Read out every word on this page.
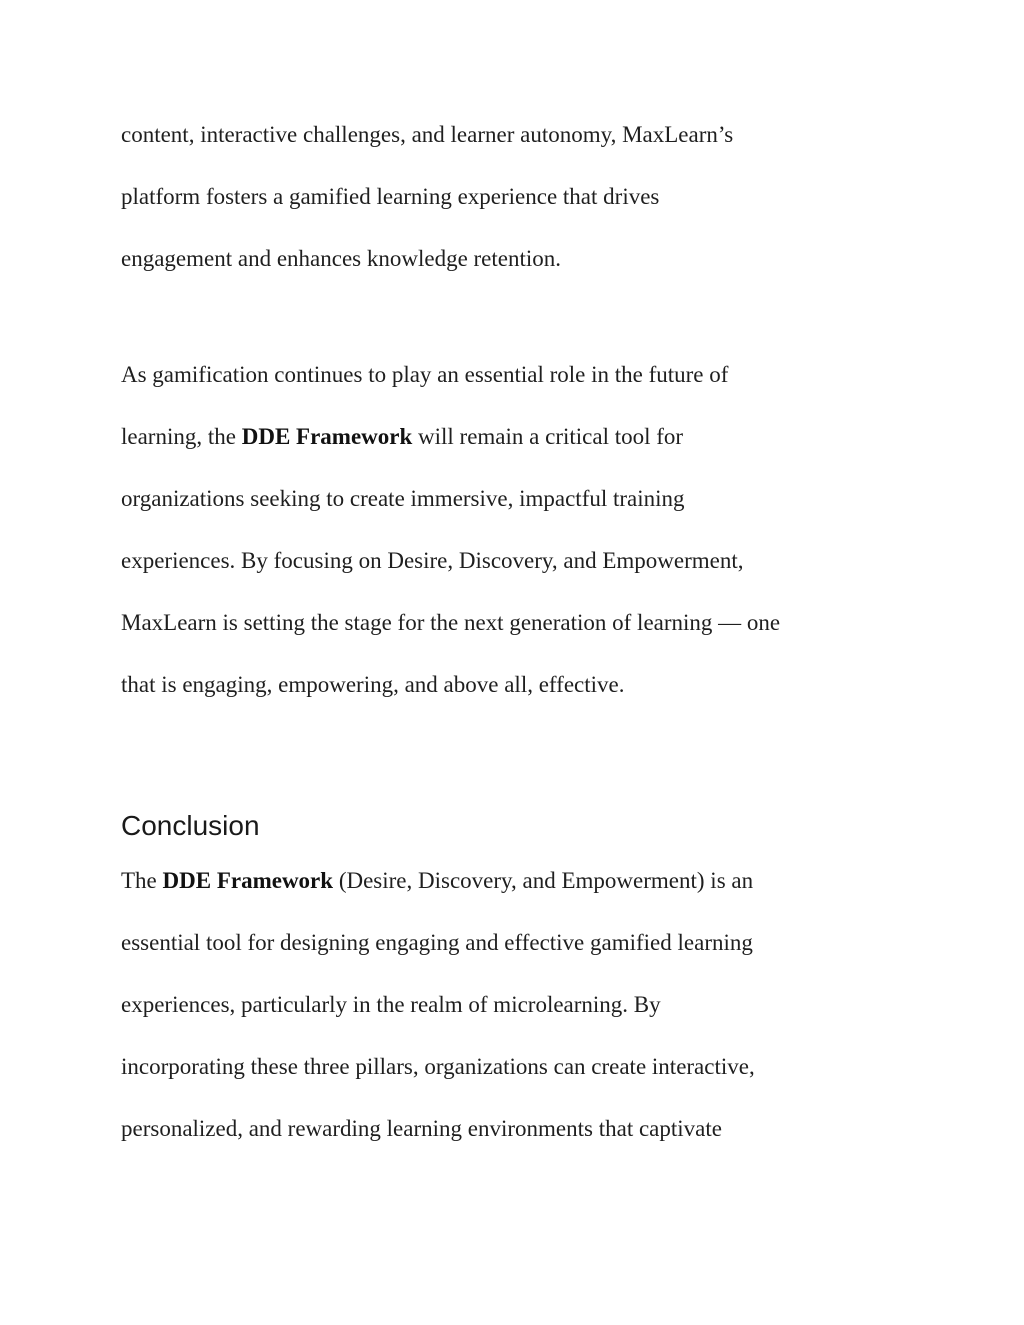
content, interactive challenges, and learner autonomy, MaxLearn’s

platform fosters a gamified learning experience that drives

engagement and enhances knowledge retention.

As gamification continues to play an essential role in the future of

learning, the DDE Framework will remain a critical tool for

organizations seeking to create immersive, impactful training

experiences. By focusing on Desire, Discovery, and Empowerment,

MaxLearn is setting the stage for the next generation of learning — one

that is engaging, empowering, and above all, effective.

Conclusion

The DDE Framework (Desire, Discovery, and Empowerment) is an

essential tool for designing engaging and effective gamified learning

experiences, particularly in the realm of microlearning. By

incorporating these three pillars, organizations can create interactive,

personalized, and rewarding learning environments that captivate
